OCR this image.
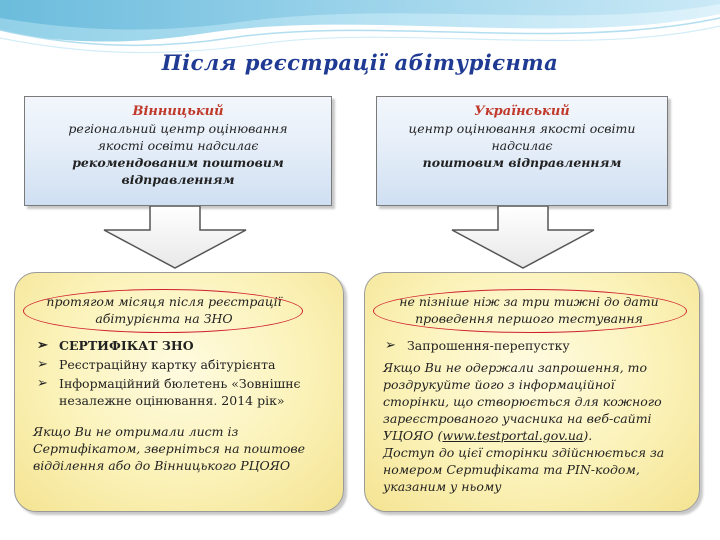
Після реєстрації абітурієнта
Вінницький
регіональний центр оцінювання
якості освіти надсилає
рекомендованим поштовим
відправленням
Український
центр оцінювання якості освіти
надсилає
поштовим відправленням
протягом місяця після реєстрації
абітурієнта на ЗНО
➢ СЕРТИФІКАТ ЗНО
➢ Реєстраційну картку абітурієнта
➢ Інформаційний бюлетень «Зовнішнє незалежне оцінювання. 2014 рік»
Якщо Ви не отримали лист із
Сертифікатом, зверніться на поштове
відділення або до Вінницького РЦОЯО
не пізніше ніж за три тижні до дати
проведення першого тестування
➢ Запрошення-перепустку
Якщо Ви не одержали запрошення, то
роздрукуйте його з інформаційної
сторінки, що створюється для кожного
зареєстрованого учасника на веб-сайті
УЦОЯО (www.testportal.gov.ua).
Доступ до цієї сторінки здійснюється за
номером Сертифіката та PIN-кодом,
указаним у ньому
